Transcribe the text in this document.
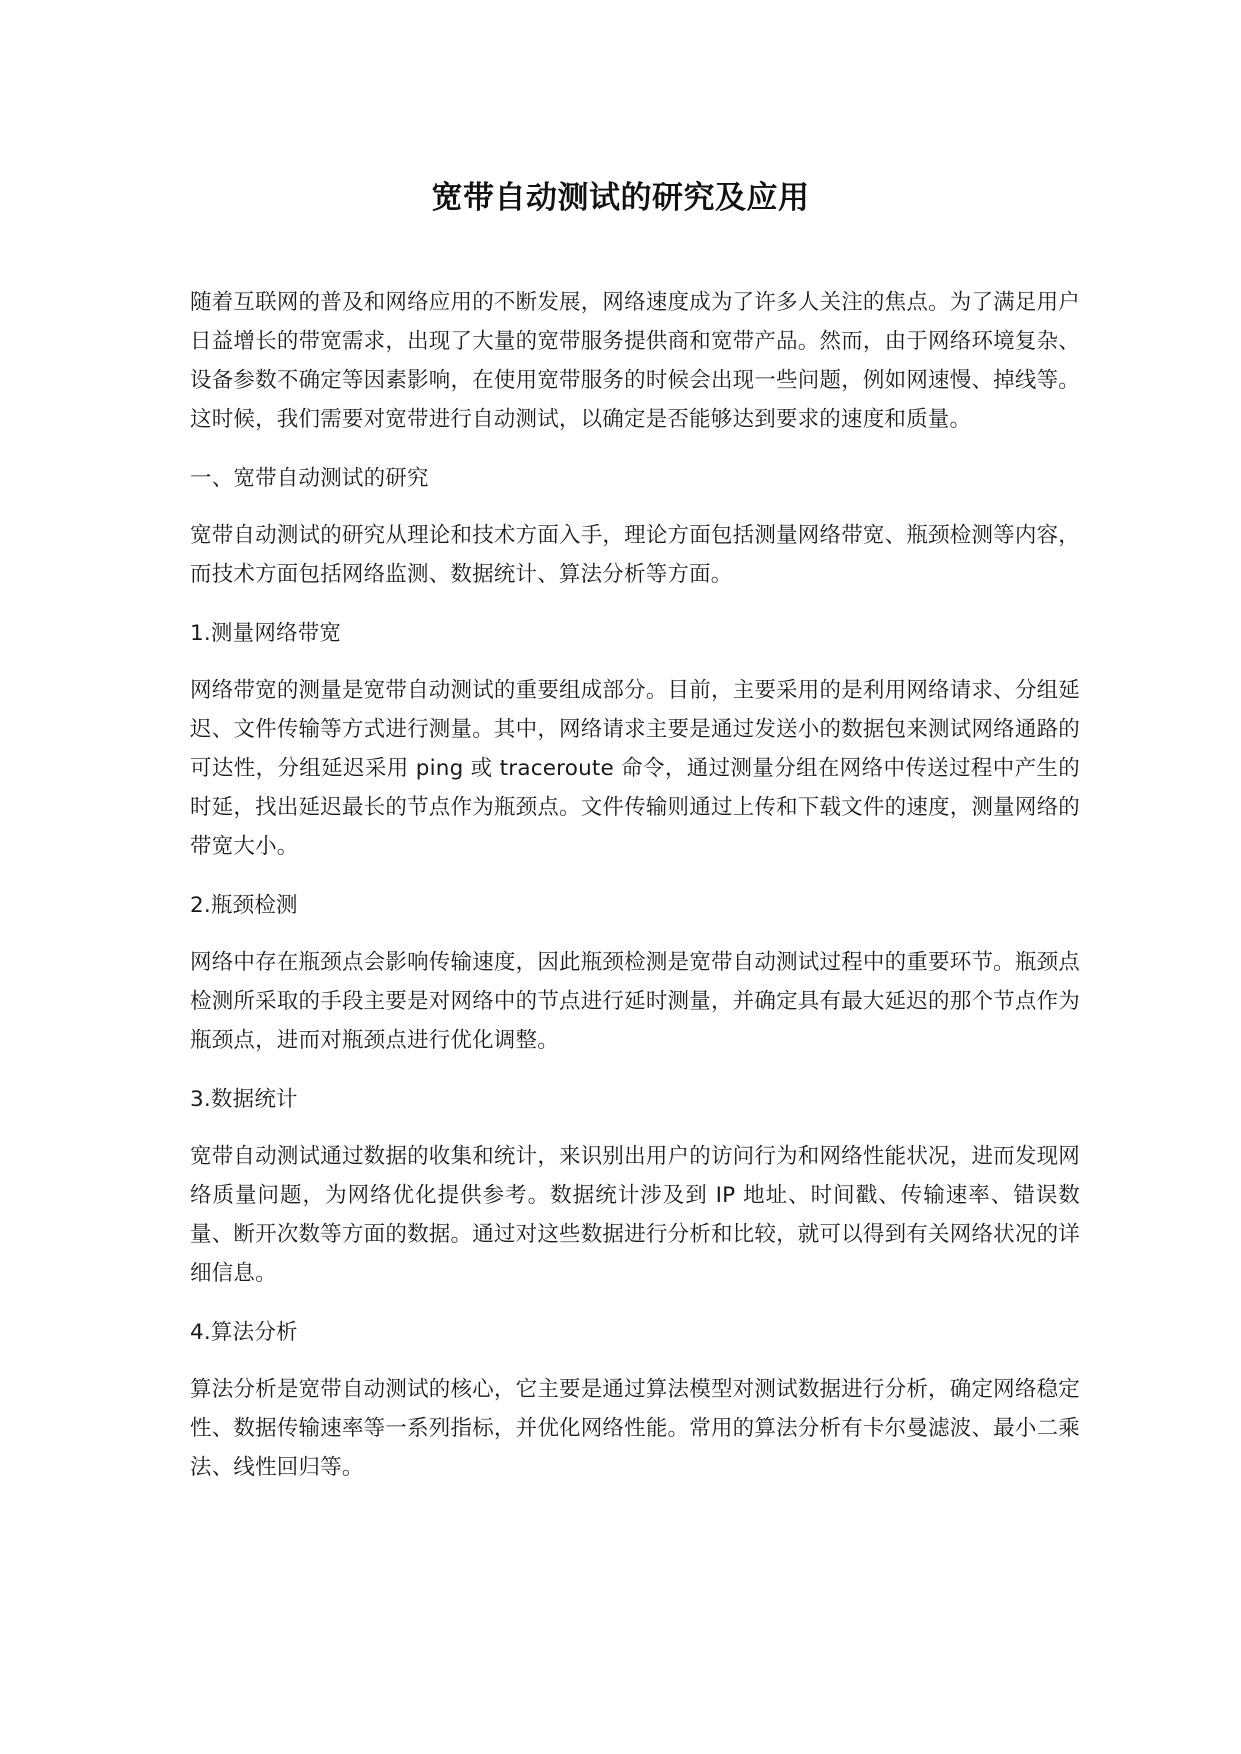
宽带自动测试的研究及应用

随着互联网的普及和网络应用的不断发展，网络速度成为了许多人关注的焦点。为了满足用户日益增长的带宽需求，出现了大量的宽带服务提供商和宽带产品。然而，由于网络环境复杂、设备参数不确定等因素影响，在使用宽带服务的时候会出现一些问题，例如网速慢、掉线等。这时候，我们需要对宽带进行自动测试，以确定是否能够达到要求的速度和质量。

一、宽带自动测试的研究

宽带自动测试的研究从理论和技术方面入手，理论方面包括测量网络带宽、瓶颈检测等内容，而技术方面包括网络监测、数据统计、算法分析等方面。

1.测量网络带宽

网络带宽的测量是宽带自动测试的重要组成部分。目前，主要采用的是利用网络请求、分组延迟、文件传输等方式进行测量。其中，网络请求主要是通过发送小的数据包来测试网络通路的可达性，分组延迟采用 ping 或 traceroute 命令，通过测量分组在网络中传送过程中产生的时延，找出延迟最长的节点作为瓶颈点。文件传输则通过上传和下载文件的速度，测量网络的带宽大小。

2.瓶颈检测

网络中存在瓶颈点会影响传输速度，因此瓶颈检测是宽带自动测试过程中的重要环节。瓶颈点检测所采取的手段主要是对网络中的节点进行延时测量，并确定具有最大延迟的那个节点作为瓶颈点，进而对瓶颈点进行优化调整。

3.数据统计

宽带自动测试通过数据的收集和统计，来识别出用户的访问行为和网络性能状况，进而发现网络质量问题，为网络优化提供参考。数据统计涉及到 IP 地址、时间戳、传输速率、错误数量、断开次数等方面的数据。通过对这些数据进行分析和比较，就可以得到有关网络状况的详细信息。

4.算法分析

算法分析是宽带自动测试的核心，它主要是通过算法模型对测试数据进行分析，确定网络稳定性、数据传输速率等一系列指标，并优化网络性能。常用的算法分析有卡尔曼滤波、最小二乘法、线性回归等。
